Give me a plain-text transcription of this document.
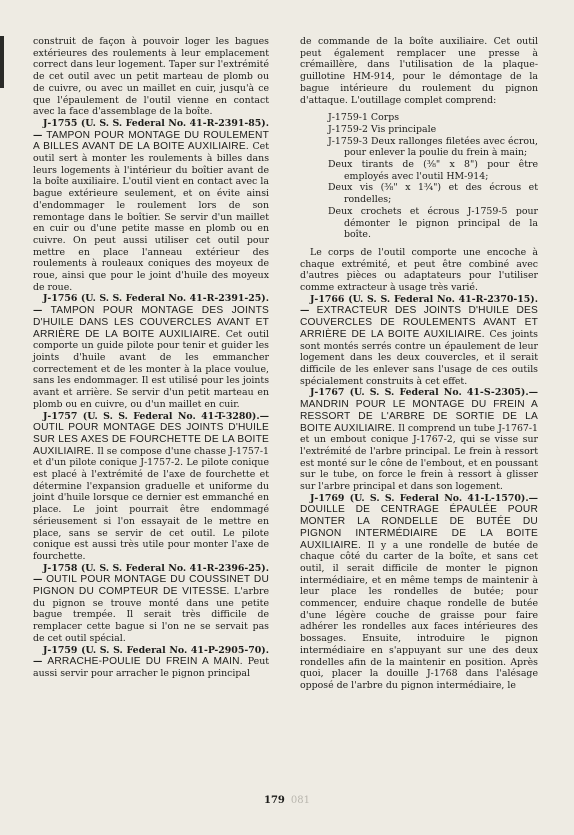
construit de façon à pouvoir loger les bagues extérieures des roulements à leur emplacement correct dans leur logement. Taper sur l'extrémité de cet outil avec un petit marteau de plomb ou de cuivre, ou avec un maillet en cuir, jusqu'à ce que l'épaulement de l'outil vienne en contact avec la face d'assemblage de la boîte.

J-1755 (U. S. S. Federal No. 41-R-2391-85).— TAMPON POUR MONTAGE DU ROULEMENT A BILLES AVANT DE LA BOITE AUXILIAIRE. Cet outil sert à monter les roulements à billes dans leurs logements à l'intérieur du boîtier avant de la boîte auxiliaire. L'outil vient en contact avec la bague extérieure seulement, et on évite ainsi d'endommager le roulement lors de son remontage dans le boîtier. Se servir d'un maillet en cuir ou d'une petite masse en plomb ou en cuivre. On peut aussi utiliser cet outil pour mettre en place l'anneau extérieur des roulements à rouleaux coniques des moyeux de roue, ainsi que pour le joint d'huile des moyeux de roue.

J-1756 (U. S. S. Federal No. 41-R-2391-25).— TAMPON POUR MONTAGE DES JOINTS D'HUILE DANS LES COUVERCLES AVANT ET ARRIÈRE DE LA BOITE AUXILIAIRE. Cet outil comporte un guide pilote pour tenir et guider les joints d'huile avant de les emmancher correctement et de les monter à la place voulue, sans les endommager. Il est utilisé pour les joints avant et arrière. Se servir d'un petit marteau en plomb ou en cuivre, ou d'un maillet en cuir.

J-1757 (U. S. S. Federal No. 41-T-3280).— OUTIL POUR MONTAGE DES JOINTS D'HUILE SUR LES AXES DE FOURCHETTE DE LA BOITE AUXILIAIRE. Il se compose d'une chasse J-1757-1 et d'un pilote conique J-1757-2. Le pilote conique est placé à l'extrémité de l'axe de fourchette et détermine l'expansion graduelle et uniforme du joint d'huile lorsque ce dernier est emmanché en place. Le joint pourrait être endommagé sérieusement si l'on essayait de le mettre en place, sans se servir de cet outil. Le pilote conique est aussi très utile pour monter l'axe de fourchette.

J-1758 (U. S. S. Federal No. 41-R-2396-25).— OUTIL POUR MONTAGE DU COUSSINET DU PIGNON DU COMPTEUR DE VITESSE. L'arbre du pignon se trouve monté dans une petite bague trempée. Il serait très difficile de remplacer cette bague si l'on ne se servait pas de cet outil spécial.

J-1759 (U. S. S. Federal No. 41-P-2905-70).— ARRACHE-POULIE DU FREIN A MAIN. Peut aussi servir pour arracher le pignon principal

de commande de la boîte auxiliaire. Cet outil peut également remplacer une presse à crémaillère, dans l'utilisation de la plaque-guillotine HM-914, pour le démontage de la bague intérieure du roulement du pignon d'attaque. L'outillage complet comprend:

J-1759-1 Corps

J-1759-2 Vis principale

J-1759-3 Deux rallonges filetées avec écrou, pour enlever la poulie du frein à main;

Deux tirants de (⅜" x 8") pour être employés avec l'outil HM-914;

Deux vis (⅜" x 1¾") et des écrous et rondelles;

Deux crochets et écrous J-1759-5 pour démonter le pignon principal de la boîte.

Le corps de l'outil comporte une encoche à chaque extrémité, et peut être combiné avec d'autres pièces ou adaptateurs pour l'utiliser comme extracteur à usage très varié.

J-1766 (U. S. S. Federal No. 41-R-2370-15).— EXTRACTEUR DES JOINTS D'HUILE DES COUVERCLES DE ROULEMENTS AVANT ET ARRIÈRE DE LA BOITE AUXILIAIRE. Ces joints sont montés serrés contre un épaulement de leur logement dans les deux couvercles, et il serait difficile de les enlever sans l'usage de ces outils spécialement construits à cet effet.

J-1767 (U. S. S. Federal No. 41-S-2305).— MANDRIN POUR LE MONTAGE DU FREIN A RESSORT DE L'ARBRE DE SORTIE DE LA BOITE AUXILIAIRE. Il comprend un tube J-1767-1 et un embout conique J-1767-2, qui se visse sur l'extrémité de l'arbre principal. Le frein à ressort est monté sur le cône de l'embout, et en poussant sur le tube, on force le frein à ressort à glisser sur l'arbre principal et dans son logement.

J-1769 (U. S. S. Federal No. 41-L-1570).— DOUILLE DE CENTRAGE ÉPAULÉE POUR MONTER LA RONDELLE DE BUTÉE DU PIGNON INTERMÉDIAIRE DE LA BOITE AUXILIAIRE. Il y a une rondelle de butée de chaque côté du carter de la boîte, et sans cet outil, il serait difficile de monter le pignon intermédiaire, et en même temps de maintenir à leur place les rondelles de butée; pour commencer, enduire chaque rondelle de butée d'une légère couche de graisse pour faire adhérer les rondelles aux faces intérieures des bossages. Ensuite, introduire le pignon intermédiaire en s'appuyant sur une des deux rondelles afin de la maintenir en position. Après quoi, placer la douille J-1768 dans l'alésage opposé de l'arbre du pignon intermédiaire, le

179 081
